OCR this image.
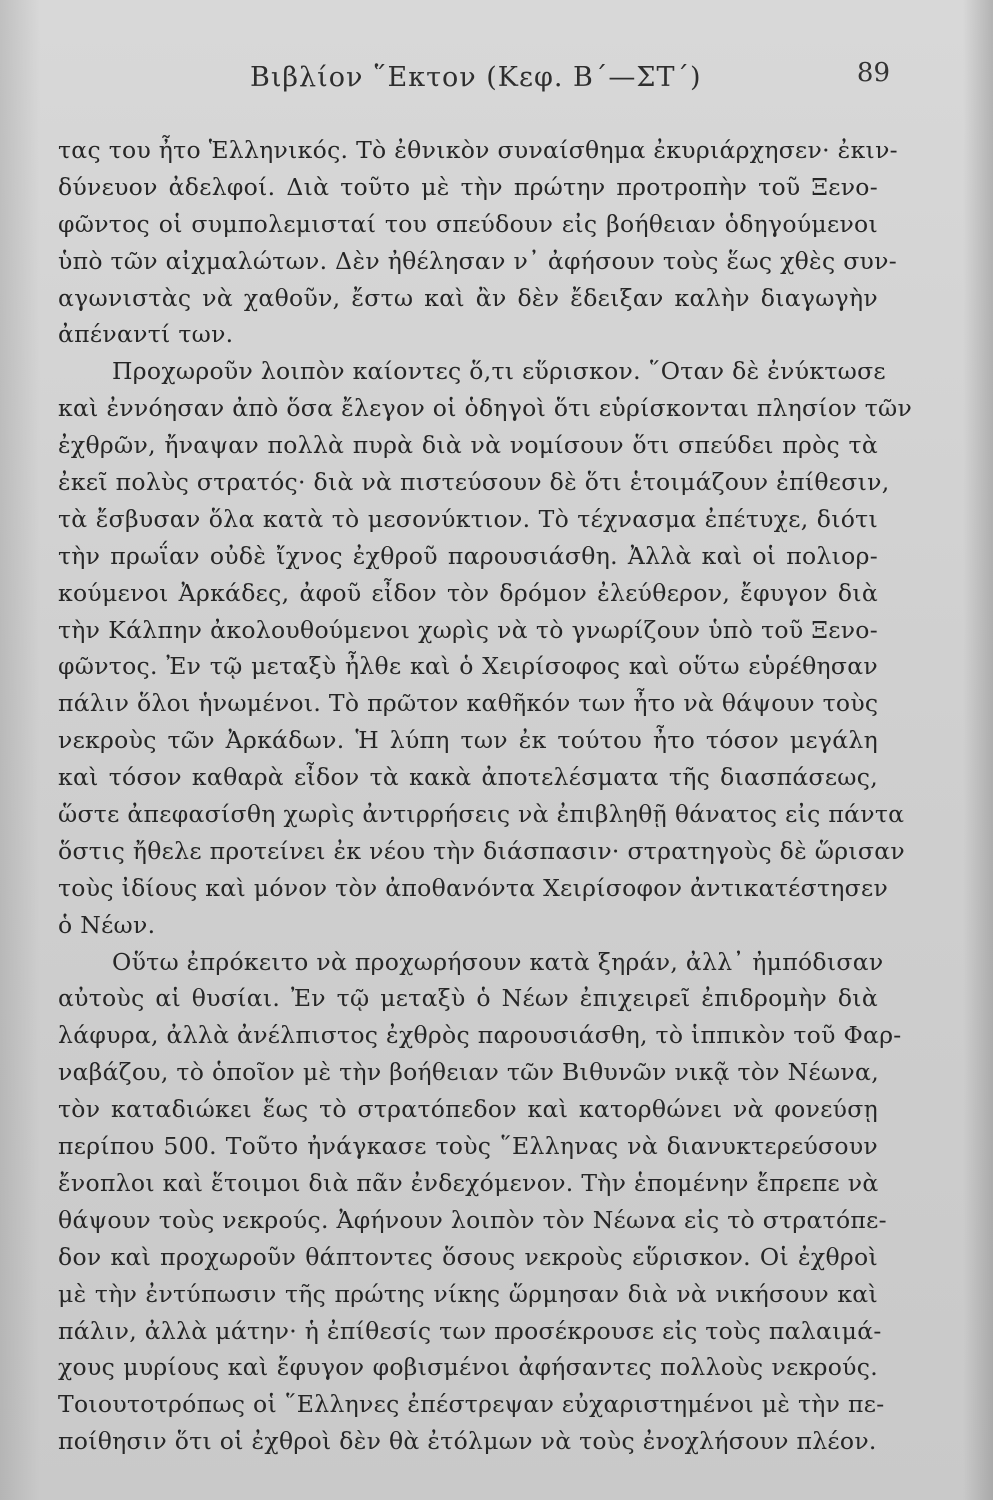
Βιβλίον ῞Εκτον (Κεφ. Β΄—ΣΤ΄)	89
τας του ἦτο Ἑλληνικός. Τὸ ἐθνικὸν συναίσθημα ἐκυριάρχησεν· ἐκιν-
δύνευον ἀδελφοί. Διὰ τοῦτο μὲ τὴν πρώτην προτροπὴν τοῦ Ξενο-
φῶντος οἱ συμπολεμισταί του σπεύδουν εἰς βοήθειαν ὁδηγούμενοι
ὑπὸ τῶν αἰχμαλώτων. Δὲν ἠθέλησαν ν᾿ ἀφήσουν τοὺς ἕως χθὲς συν-
αγωνιστὰς νὰ χαθοῦν, ἔστω καὶ ἂν δὲν ἔδειξαν καλὴν διαγωγὴν
ἀπέναντί των.
Προχωροῦν λοιπὸν καίοντες ὅ,τι εὕρισκον. ῞Οταν δὲ ἐνύκτωσε
καὶ ἐννόησαν ἀπὸ ὅσα ἔλεγον οἱ ὁδηγοὶ ὅτι εὑρίσκονται πλησίον τῶν
ἐχθρῶν, ἤναψαν πολλὰ πυρὰ διὰ νὰ νομίσουν ὅτι σπεύδει πρὸς τὰ
ἐκεῖ πολὺς στρατός· διὰ νὰ πιστεύσουν δὲ ὅτι ἑτοιμάζουν ἐπίθεσιν,
τὰ ἔσβυσαν ὅλα κατὰ τὸ μεσονύκτιον. Τὸ τέχνασμα ἐπέτυχε, διότι
τὴν πρωΐαν οὐδὲ ἴχνος ἐχθροῦ παρουσιάσθη. Ἀλλὰ καὶ οἱ πολιορ-
κούμενοι Ἀρκάδες, ἀφοῦ εἶδον τὸν δρόμον ἐλεύθερον, ἔφυγον διὰ
τὴν Κάλπην ἀκολουθούμενοι χωρὶς νὰ τὸ γνωρίζουν ὑπὸ τοῦ Ξενο-
φῶντος. Ἐν τῷ μεταξὺ ἦλθε καὶ ὁ Χειρίσοφος καὶ οὕτω εὑρέθησαν
πάλιν ὅλοι ἡνωμένοι. Τὸ πρῶτον καθῆκόν των ἦτο νὰ θάψουν τοὺς
νεκροὺς τῶν Ἀρκάδων. Ἡ λύπη των ἐκ τούτου ἦτο τόσον μεγάλη
καὶ τόσον καθαρὰ εἶδον τὰ κακὰ ἀποτελέσματα τῆς διασπάσεως,
ὥστε ἀπεφασίσθη χωρὶς ἀντιρρήσεις νὰ ἐπιβληθῇ θάνατος εἰς πάντα
ὅστις ἤθελε προτείνει ἐκ νέου τὴν διάσπασιν· στρατηγοὺς δὲ ὥρισαν
τοὺς ἰδίους καὶ μόνον τὸν ἀποθανόντα Χειρίσοφον ἀντικατέστησεν
ὁ Νέων.
Οὕτω ἐπρόκειτο νὰ προχωρήσουν κατὰ ξηράν, ἀλλ᾿ ἠμπόδισαν
αὐτοὺς αἱ θυσίαι. Ἐν τῷ μεταξὺ ὁ Νέων ἐπιχειρεῖ ἐπιδρομὴν διὰ
λάφυρα, ἀλλὰ ἀνέλπιστος ἐχθρὸς παρουσιάσθη, τὸ ἱππικὸν τοῦ Φαρ-
ναβάζου, τὸ ὁποῖον μὲ τὴν βοήθειαν τῶν Βιθυνῶν νικᾷ τὸν Νέωνα,
τὸν καταδιώκει ἕως τὸ στρατόπεδον καὶ κατορθώνει νὰ φονεύσῃ
περίπου 500. Τοῦτο ἠνάγκασε τοὺς ῞Ελληνας νὰ διανυκτερεύσουν
ἔνοπλοι καὶ ἕτοιμοι διὰ πᾶν ἐνδεχόμενον. Τὴν ἑπομένην ἔπρεπε νὰ
θάψουν τοὺς νεκρούς. Ἀφήνουν λοιπὸν τὸν Νέωνα εἰς τὸ στρατόπε-
δον καὶ προχωροῦν θάπτοντες ὅσους νεκροὺς εὕρισκον. Οἱ ἐχθροὶ
μὲ τὴν ἐντύπωσιν τῆς πρώτης νίκης ὥρμησαν διὰ νὰ νικήσουν καὶ
πάλιν, ἀλλὰ μάτην· ἡ ἐπίθεσίς των προσέκρουσε εἰς τοὺς παλαιμά-
χους μυρίους καὶ ἔφυγον φοβισμένοι ἀφήσαντες πολλοὺς νεκρούς.
Τοιουτοτρόπως οἱ ῞Ελληνες ἐπέστρεψαν εὐχαριστημένοι μὲ τὴν πε-
ποίθησιν ὅτι οἱ ἐχθροὶ δὲν θὰ ἐτόλμων νὰ τοὺς ἐνοχλήσουν πλέον.
